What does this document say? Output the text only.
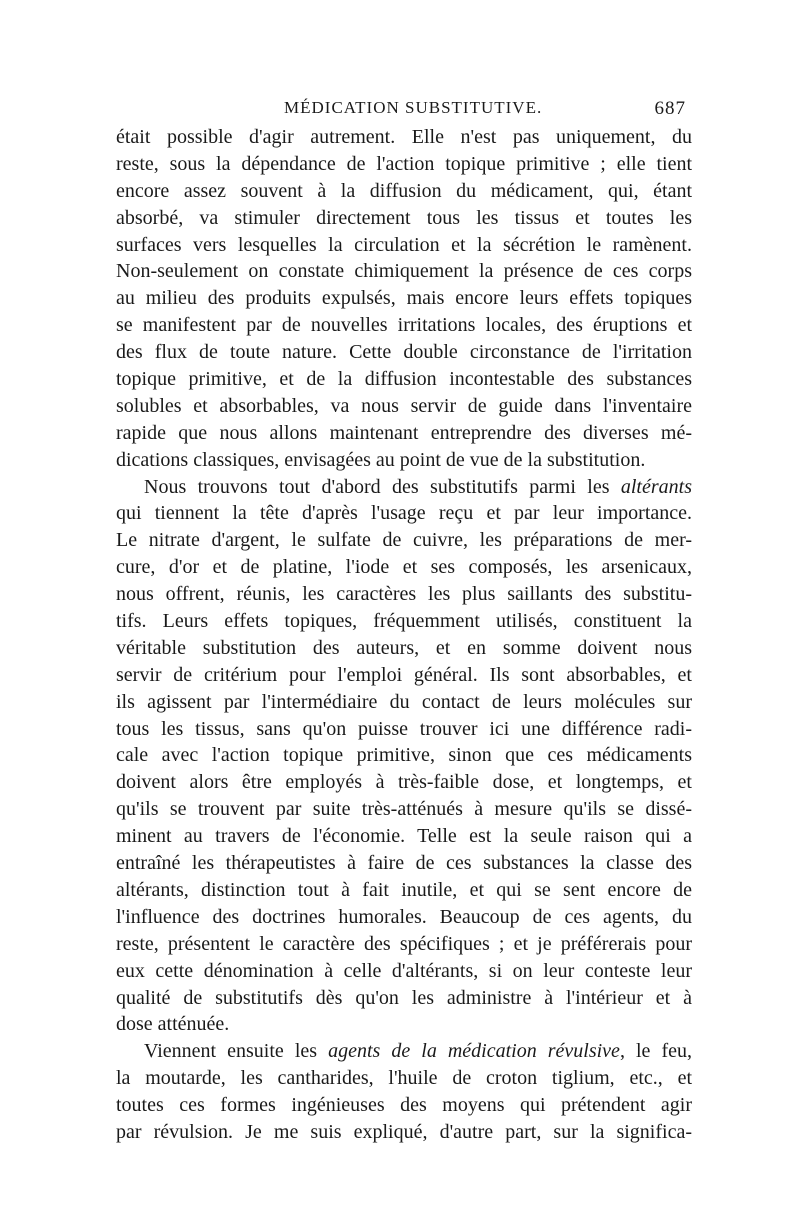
MÉDICATION SUBSTITUTIVE.	687
était possible d'agir autrement. Elle n'est pas uniquement, du
reste, sous la dépendance de l'action topique primitive ; elle tient
encore assez souvent à la diffusion du médicament, qui, étant
absorbé, va stimuler directement tous les tissus et toutes les
surfaces vers lesquelles la circulation et la sécrétion le ramènent.
Non-seulement on constate chimiquement la présence de ces corps
au milieu des produits expulsés, mais encore leurs effets topiques
se manifestent par de nouvelles irritations locales, des éruptions et
des flux de toute nature. Cette double circonstance de l'irritation
topique primitive, et de la diffusion incontestable des substances
solubles et absorbables, va nous servir de guide dans l'inventaire
rapide que nous allons maintenant entreprendre des diverses mé-
dications classiques, envisagées au point de vue de la substitution.
Nous trouvons tout d'abord des substitutifs parmi les altérants
qui tiennent la tête d'après l'usage reçu et par leur importance.
Le nitrate d'argent, le sulfate de cuivre, les préparations de mer-
cure, d'or et de platine, l'iode et ses composés, les arsenicaux,
nous offrent, réunis, les caractères les plus saillants des substitu-
tifs. Leurs effets topiques, fréquemment utilisés, constituent la
véritable substitution des auteurs, et en somme doivent nous
servir de critérium pour l'emploi général. Ils sont absorbables, et
ils agissent par l'intermédiaire du contact de leurs molécules sur
tous les tissus, sans qu'on puisse trouver ici une différence radi-
cale avec l'action topique primitive, sinon que ces médicaments
doivent alors être employés à très-faible dose, et longtemps, et
qu'ils se trouvent par suite très-atténués à mesure qu'ils se dissé-
minent au travers de l'économie. Telle est la seule raison qui a
entraîné les thérapeutistes à faire de ces substances la classe des
altérants, distinction tout à fait inutile, et qui se sent encore de
l'influence des doctrines humorales. Beaucoup de ces agents, du
reste, présentent le caractère des spécifiques ; et je préférerais pour
eux cette dénomination à celle d'altérants, si on leur conteste leur
qualité de substitutifs dès qu'on les administre à l'intérieur et à
dose atténuée.
Viennent ensuite les agents de la médication révulsive, le feu,
la moutarde, les cantharides, l'huile de croton tiglium, etc., et
toutes ces formes ingénieuses des moyens qui prétendent agir
par révulsion. Je me suis expliqué, d'autre part, sur la significa-
